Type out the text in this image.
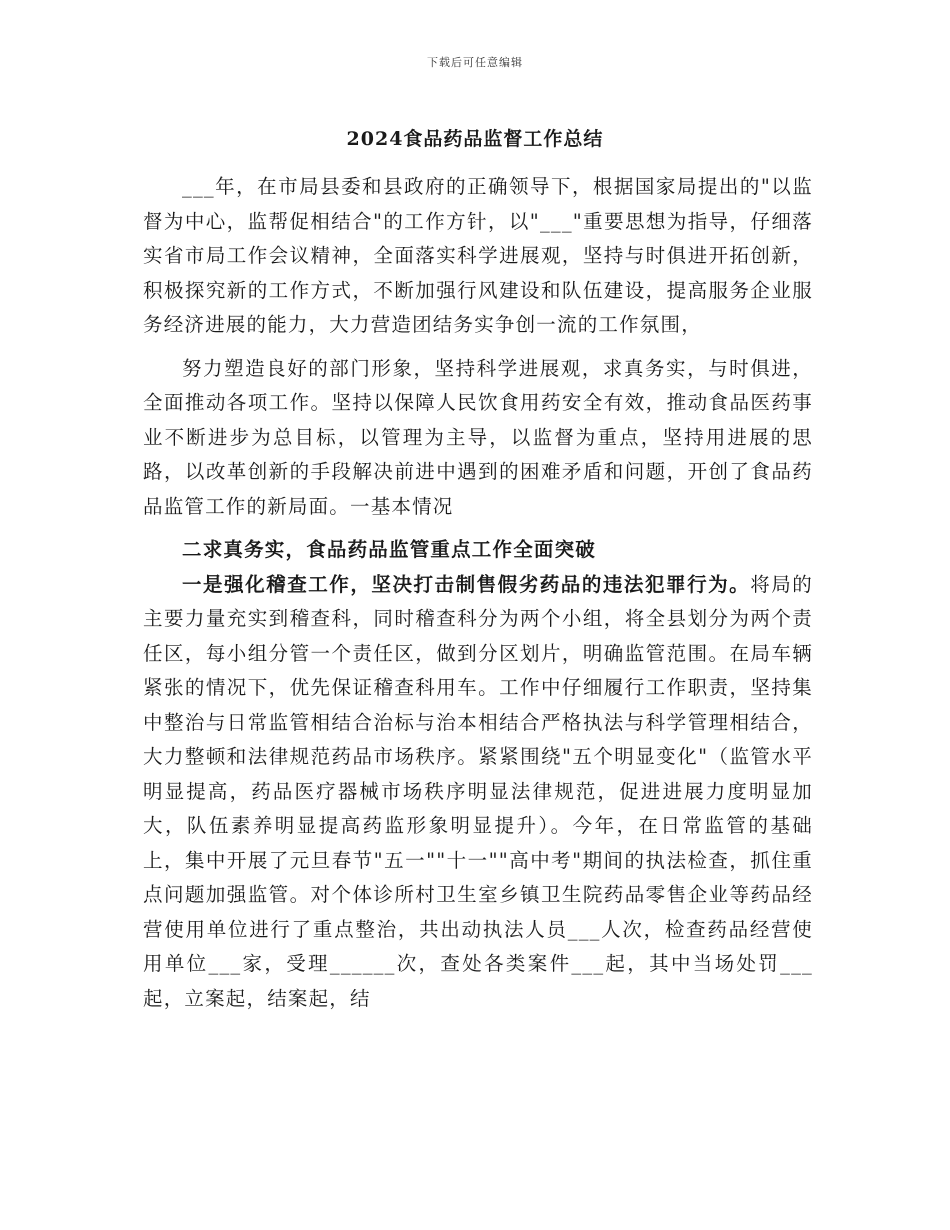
下载后可任意编辑
2024食品药品监督工作总结

___年，在市局县委和县政府的正确领导下，根据国家局提出的"以监督为中心，监帮促相结合"的工作方针，以"___"重要思想为指导，仔细落实省市局工作会议精神，全面落实科学进展观，坚持与时俱进开拓创新，积极探究新的工作方式，不断加强行风建设和队伍建设，提高服务企业服务经济进展的能力，大力营造团结务实争创一流的工作氛围，

努力塑造良好的部门形象，坚持科学进展观，求真务实，与时俱进，全面推动各项工作。坚持以保障人民饮食用药安全有效，推动食品医药事业不断进步为总目标，以管理为主导，以监督为重点，坚持用进展的思路，以改革创新的手段解决前进中遇到的困难矛盾和问题，开创了食品药品监管工作的新局面。一基本情况

二求真务实，食品药品监管重点工作全面突破

一是强化稽查工作，坚决打击制售假劣药品的违法犯罪行为。将局的主要力量充实到稽查科，同时稽查科分为两个小组，将全县划分为两个责任区，每小组分管一个责任区，做到分区划片，明确监管范围。在局车辆紧张的情况下，优先保证稽查科用车。工作中仔细履行工作职责，坚持集中整治与日常监管相结合治标与治本相结合严格执法与科学管理相结合，大力整顿和法律规范药品市场秩序。紧紧围绕"五个明显变化"（监管水平明显提高，药品医疗器械市场秩序明显法律规范，促进进展力度明显加大，队伍素养明显提高药监形象明显提升）。今年，在日常监管的基础上，集中开展了元旦春节"五一""十一""高中考"期间的执法检查，抓住重点问题加强监管。对个体诊所村卫生室乡镇卫生院药品零售企业等药品经营使用单位进行了重点整治，共出动执法人员___人次，检查药品经营使用单位___家，受理______次，查处各类案件___起，其中当场处罚___起，立案起，结案起，结
